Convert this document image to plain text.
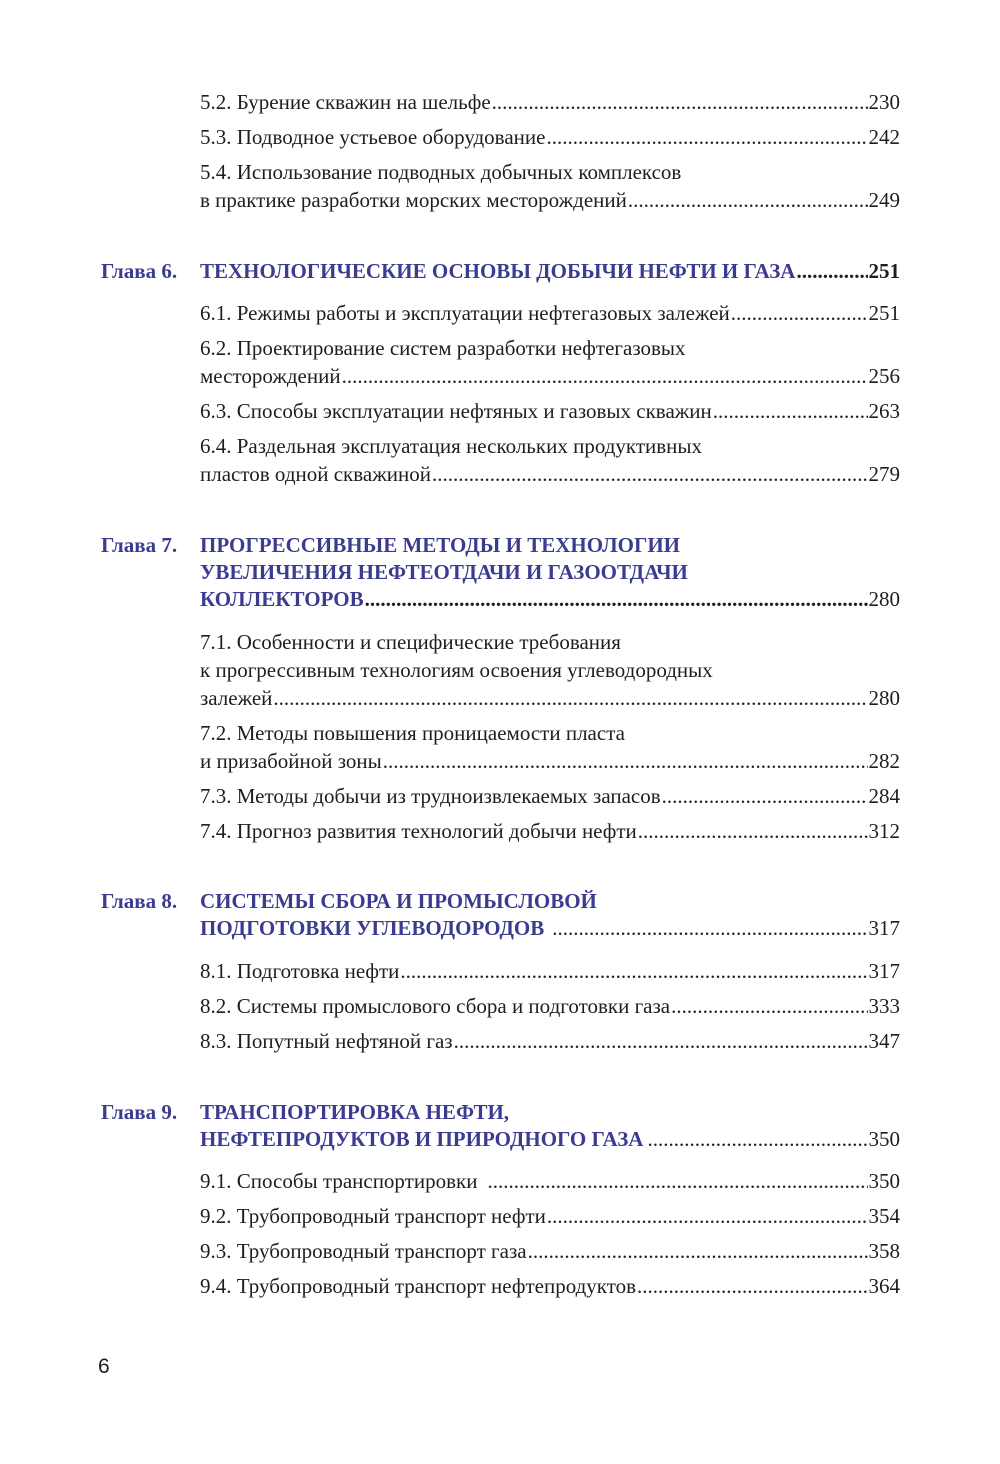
5.2. Бурение скважин на шельфе .....	230
5.3. Подводное устьевое оборудование .....	242
5.4. Использование подводных добычных комплексов
в практике разработки морских месторождений .....	249
Глава 6.	ТЕХНОЛОГИЧЕСКИЕ ОСНОВЫ ДОБЫЧИ НЕФТИ И ГАЗА .....	251
6.1. Режимы работы и эксплуатации нефтегазовых залежей .....	251
6.2. Проектирование систем разработки нефтегазовых
месторождений .....	256
6.3. Способы эксплуатации нефтяных и газовых скважин .....	263
6.4. Раздельная эксплуатация нескольких продуктивных
пластов одной скважиной .....	279
Глава 7.	ПРОГРЕССИВНЫЕ МЕТОДЫ И ТЕХНОЛОГИИ
УВЕЛИЧЕНИЯ НЕФТЕОТДАЧИ И ГАЗООТДАЧИ
КОЛЛЕКТОРОВ .....	280
7.1. Особенности и специфические требования
к прогрессивным технологиям освоения углеводородных
залежей .....	280
7.2. Методы повышения проницаемости пласта
и призабойной зоны .....	282
7.3. Методы добычи из трудноизвлекаемых запасов .....	284
7.4. Прогноз развития технологий добычи нефти .....	312
Глава 8.	СИСТЕМЫ СБОРА И ПРОМЫСЛОВОЙ
ПОДГОТОВКИ УГЛЕВОДОРОДОВ .....	317
8.1. Подготовка нефти .....	317
8.2. Системы промыслового сбора и подготовки газа .....	333
8.3. Попутный нефтяной газ .....	347
Глава 9.	ТРАНСПОРТИРОВКА НЕФТИ,
НЕФТЕПРОДУКТОВ И ПРИРОДНОГО ГАЗА .....	350
9.1. Способы транспортировки .....	350
9.2. Трубопроводный транспорт нефти .....	354
9.3. Трубопроводный транспорт газа .....	358
9.4. Трубопроводный транспорт нефтепродуктов .....	364
6
